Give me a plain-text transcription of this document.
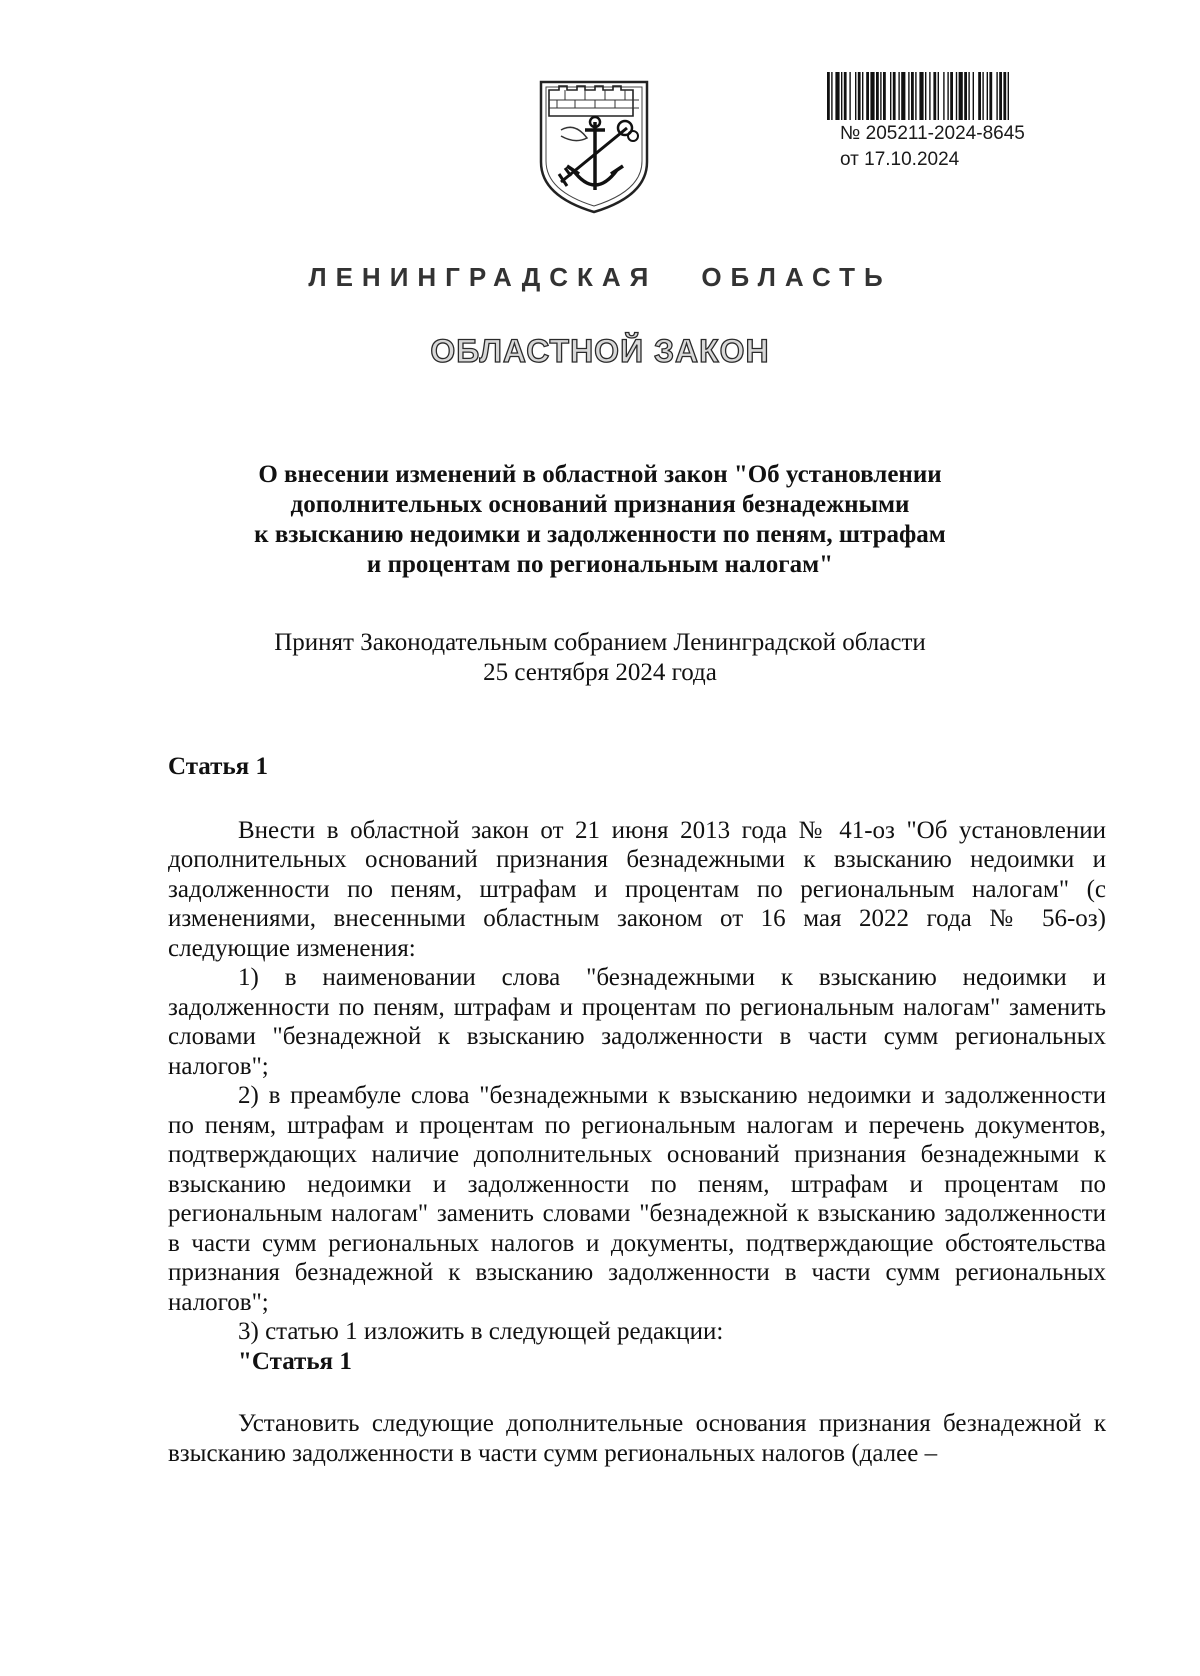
№ 205211-2024-8645
от 17.10.2024
ЛЕНИНГРАДСКАЯ ОБЛАСТЬ
ОБЛАСТНОЙ ЗАКОН
О внесении изменений в областной закон "Об установлении
дополнительных оснований признания безнадежными
к взысканию недоимки и задолженности по пеням, штрафам
и процентам по региональным налогам"
Принят Законодательным собранием Ленинградской области
25 сентября 2024 года

Статья 1

Внести в областной закон от 21 июня 2013 года № 41-оз "Об установлении дополнительных оснований признания безнадежными к взысканию недоимки и задолженности по пеням, штрафам и процентам по региональным налогам" (с изменениями, внесенными областным законом от 16 мая 2022 года № 56-оз) следующие изменения:

1) в наименовании слова "безнадежными к взысканию недоимки и задолженности по пеням, штрафам и процентам по региональным налогам" заменить словами "безнадежной к взысканию задолженности в части сумм региональных налогов";

2) в преамбуле слова "безнадежными к взысканию недоимки и задолженности по пеням, штрафам и процентам по региональным налогам и перечень документов, подтверждающих наличие дополнительных оснований признания безнадежными к взысканию недоимки и задолженности по пеням, штрафам и процентам по региональным налогам" заменить словами "безнадежной к взысканию задолженности в части сумм региональных налогов и документы, подтверждающие обстоятельства признания безнадежной к взысканию задолженности в части сумм региональных налогов";

3) статью 1 изложить в следующей редакции:

"Статья 1

Установить следующие дополнительные основания признания безнадежной к взысканию задолженности в части сумм региональных налогов (далее –
